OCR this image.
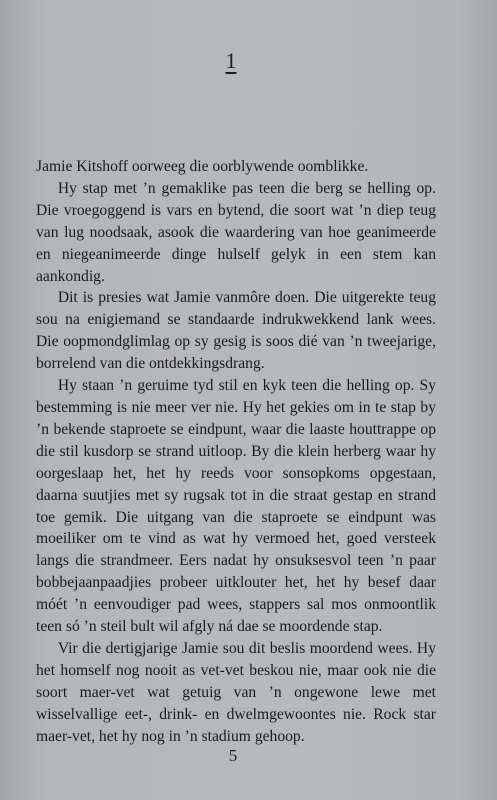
1

Jamie Kitshoff oorweeg die oorblywende oomblikke.

Hy stap met ’n gemaklike pas teen die berg se helling op. Die vroegoggend is vars en bytend, die soort wat ’n diep teug van lug noodsaak, asook die waardering van hoe geanimeerde en niegeanimeerde dinge hulself gelyk in een stem kan aankondig.

Dit is presies wat Jamie vanmôre doen. Die uitgerekte teug sou na enigiemand se standaarde indrukwekkend lank wees. Die oopmondglimlag op sy gesig is soos dié van ’n tweejarige, borrelend van die ontdekkingsdrang.

Hy staan ’n geruime tyd stil en kyk teen die helling op. Sy bestemming is nie meer ver nie. Hy het gekies om in te stap by ’n bekende staproete se eindpunt, waar die laaste houttrappe op die stil kusdorp se strand uitloop. By die klein herberg waar hy oorgeslaap het, het hy reeds voor sonsopkoms opgestaan, daarna suutjies met sy rugsak tot in die straat gestap en strand toe gemik. Die uitgang van die staproete se eindpunt was moeiliker om te vind as wat hy vermoed het, goed versteek langs die strandmeer. Eers nadat hy onsuksesvol teen ’n paar bobbejaanpaadjies probeer uitklouter het, het hy besef daar móét ’n eenvoudiger pad wees, stappers sal mos onmoontlik teen só ’n steil bult wil afgly ná dae se moordende stap.

Vir die dertigjarige Jamie sou dit beslis moordend wees. Hy het homself nog nooit as vet-vet beskou nie, maar ook nie die soort maer-vet wat getuig van ’n ongewone lewe met wisselvallige eet-, drink- en dwelmgewoontes nie. Rock star maer-vet, het hy nog in ’n stadium gehoop.

5
